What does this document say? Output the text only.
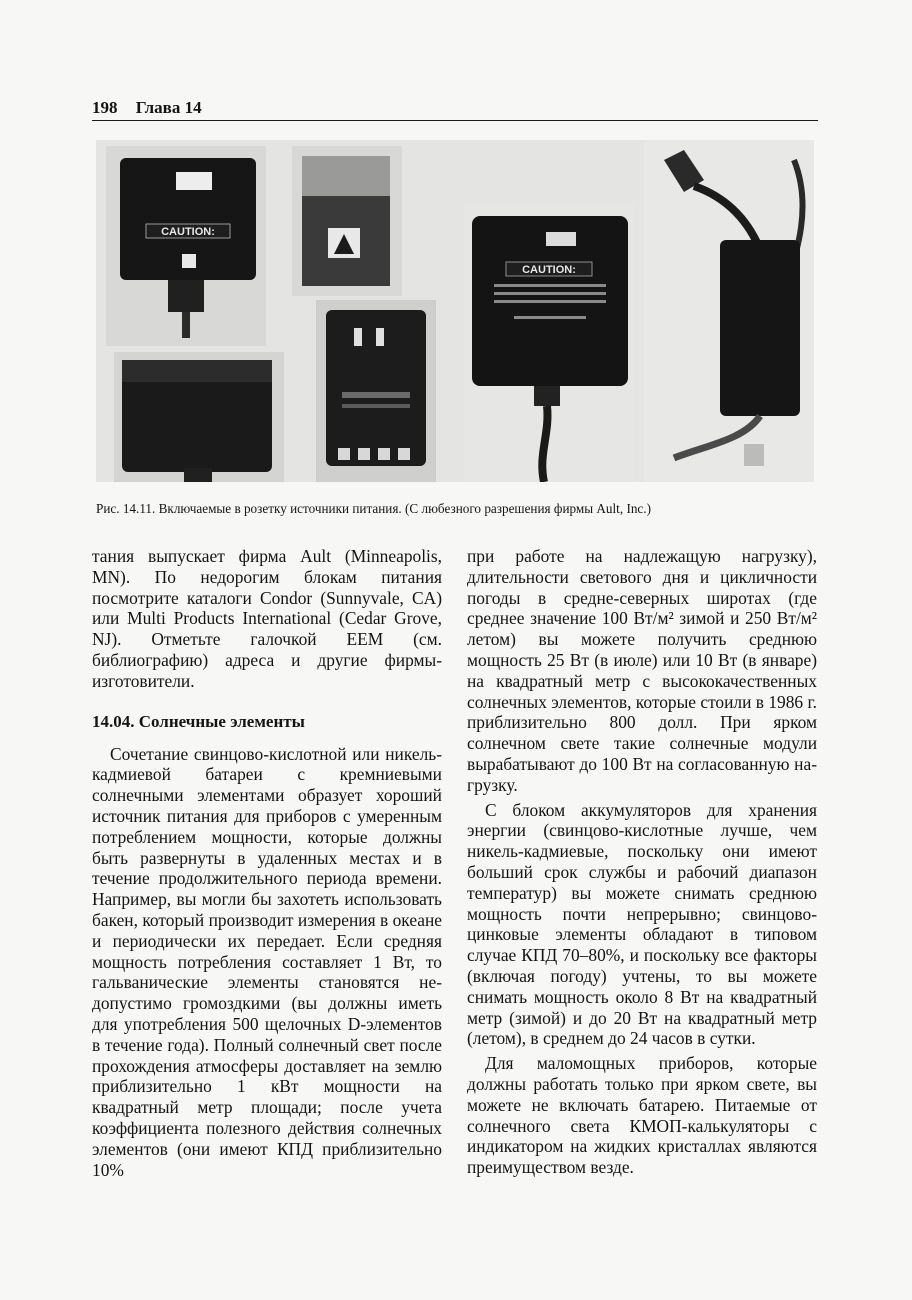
198 Глава 14
CAUTION:
CAUTION:
Рис. 14.11. Включаемые в розетку источники питания. (С любезного разрешения фирмы Ault, Inc.)

тания выпускает фирма Ault (Minneapolis, MN). По недорогим блокам питания посмотрите каталоги Condor (Sunnyvale, CA) или Multi Products International (Cedar Grove, NJ). Отметьте галочкой EEM (см. библиографию) адреса и другие фирмы-изготовители.

14.04. Солнечные элементы

Сочетание свинцово-кислотной или никель-кадмиевой батареи с кремниевыми солнечными элементами образует хороший источник питания для приборов с умеренным потреблением мощности, которые должны быть развернуты в удаленных местах и в течение продолжительного периода времени. Например, вы могли бы захотеть использовать бакен, который производит измерения в океане и периодически их передает. Если средняя мощность потребления составляет 1 Вт, то гальванические элементы становятся недопустимо громоздкими (вы должны иметь для употребления 500 щелочных D-элементов в течение года). Полный солнечный свет после прохождения атмосферы доставляет на землю приблизительно 1 кВт мощности на квадратный метр площади; после учета коэффициента полезного действия солнечных элементов (они имеют КПД приблизительно 10%

при работе на надлежащую нагрузку), длительности светового дня и цикличности погоды в средне-северных широтах (где среднее значение 100 Вт/м² зимой и 250 Вт/м² летом) вы можете получить среднюю мощность 25 Вт (в июле) или 10 Вт (в январе) на квадратный метр с высококачественных солнечных элементов, которые стоили в 1986 г. приблизительно 800 долл. При ярком солнечном свете такие солнечные модули вырабатывают до 100 Вт на согласованную нагрузку.

С блоком аккумуляторов для хранения энергии (свинцово-кислотные лучше, чем никель-кадмиевые, поскольку они имеют больший срок службы и рабочий диапазон температур) вы можете снимать среднюю мощность почти непрерывно; свинцово-цинковые элементы обладают в типовом случае КПД 70–80%, и поскольку все факторы (включая погоду) учтены, то вы можете снимать мощность около 8 Вт на квадратный метр (зимой) и до 20 Вт на квадратный метр (летом), в среднем до 24 часов в сутки.

Для маломощных приборов, которые должны работать только при ярком свете, вы можете не включать батарею. Питаемые от солнечного света КМОП-калькуляторы с индикатором на жидких кристаллах являются преимуществом везде.
